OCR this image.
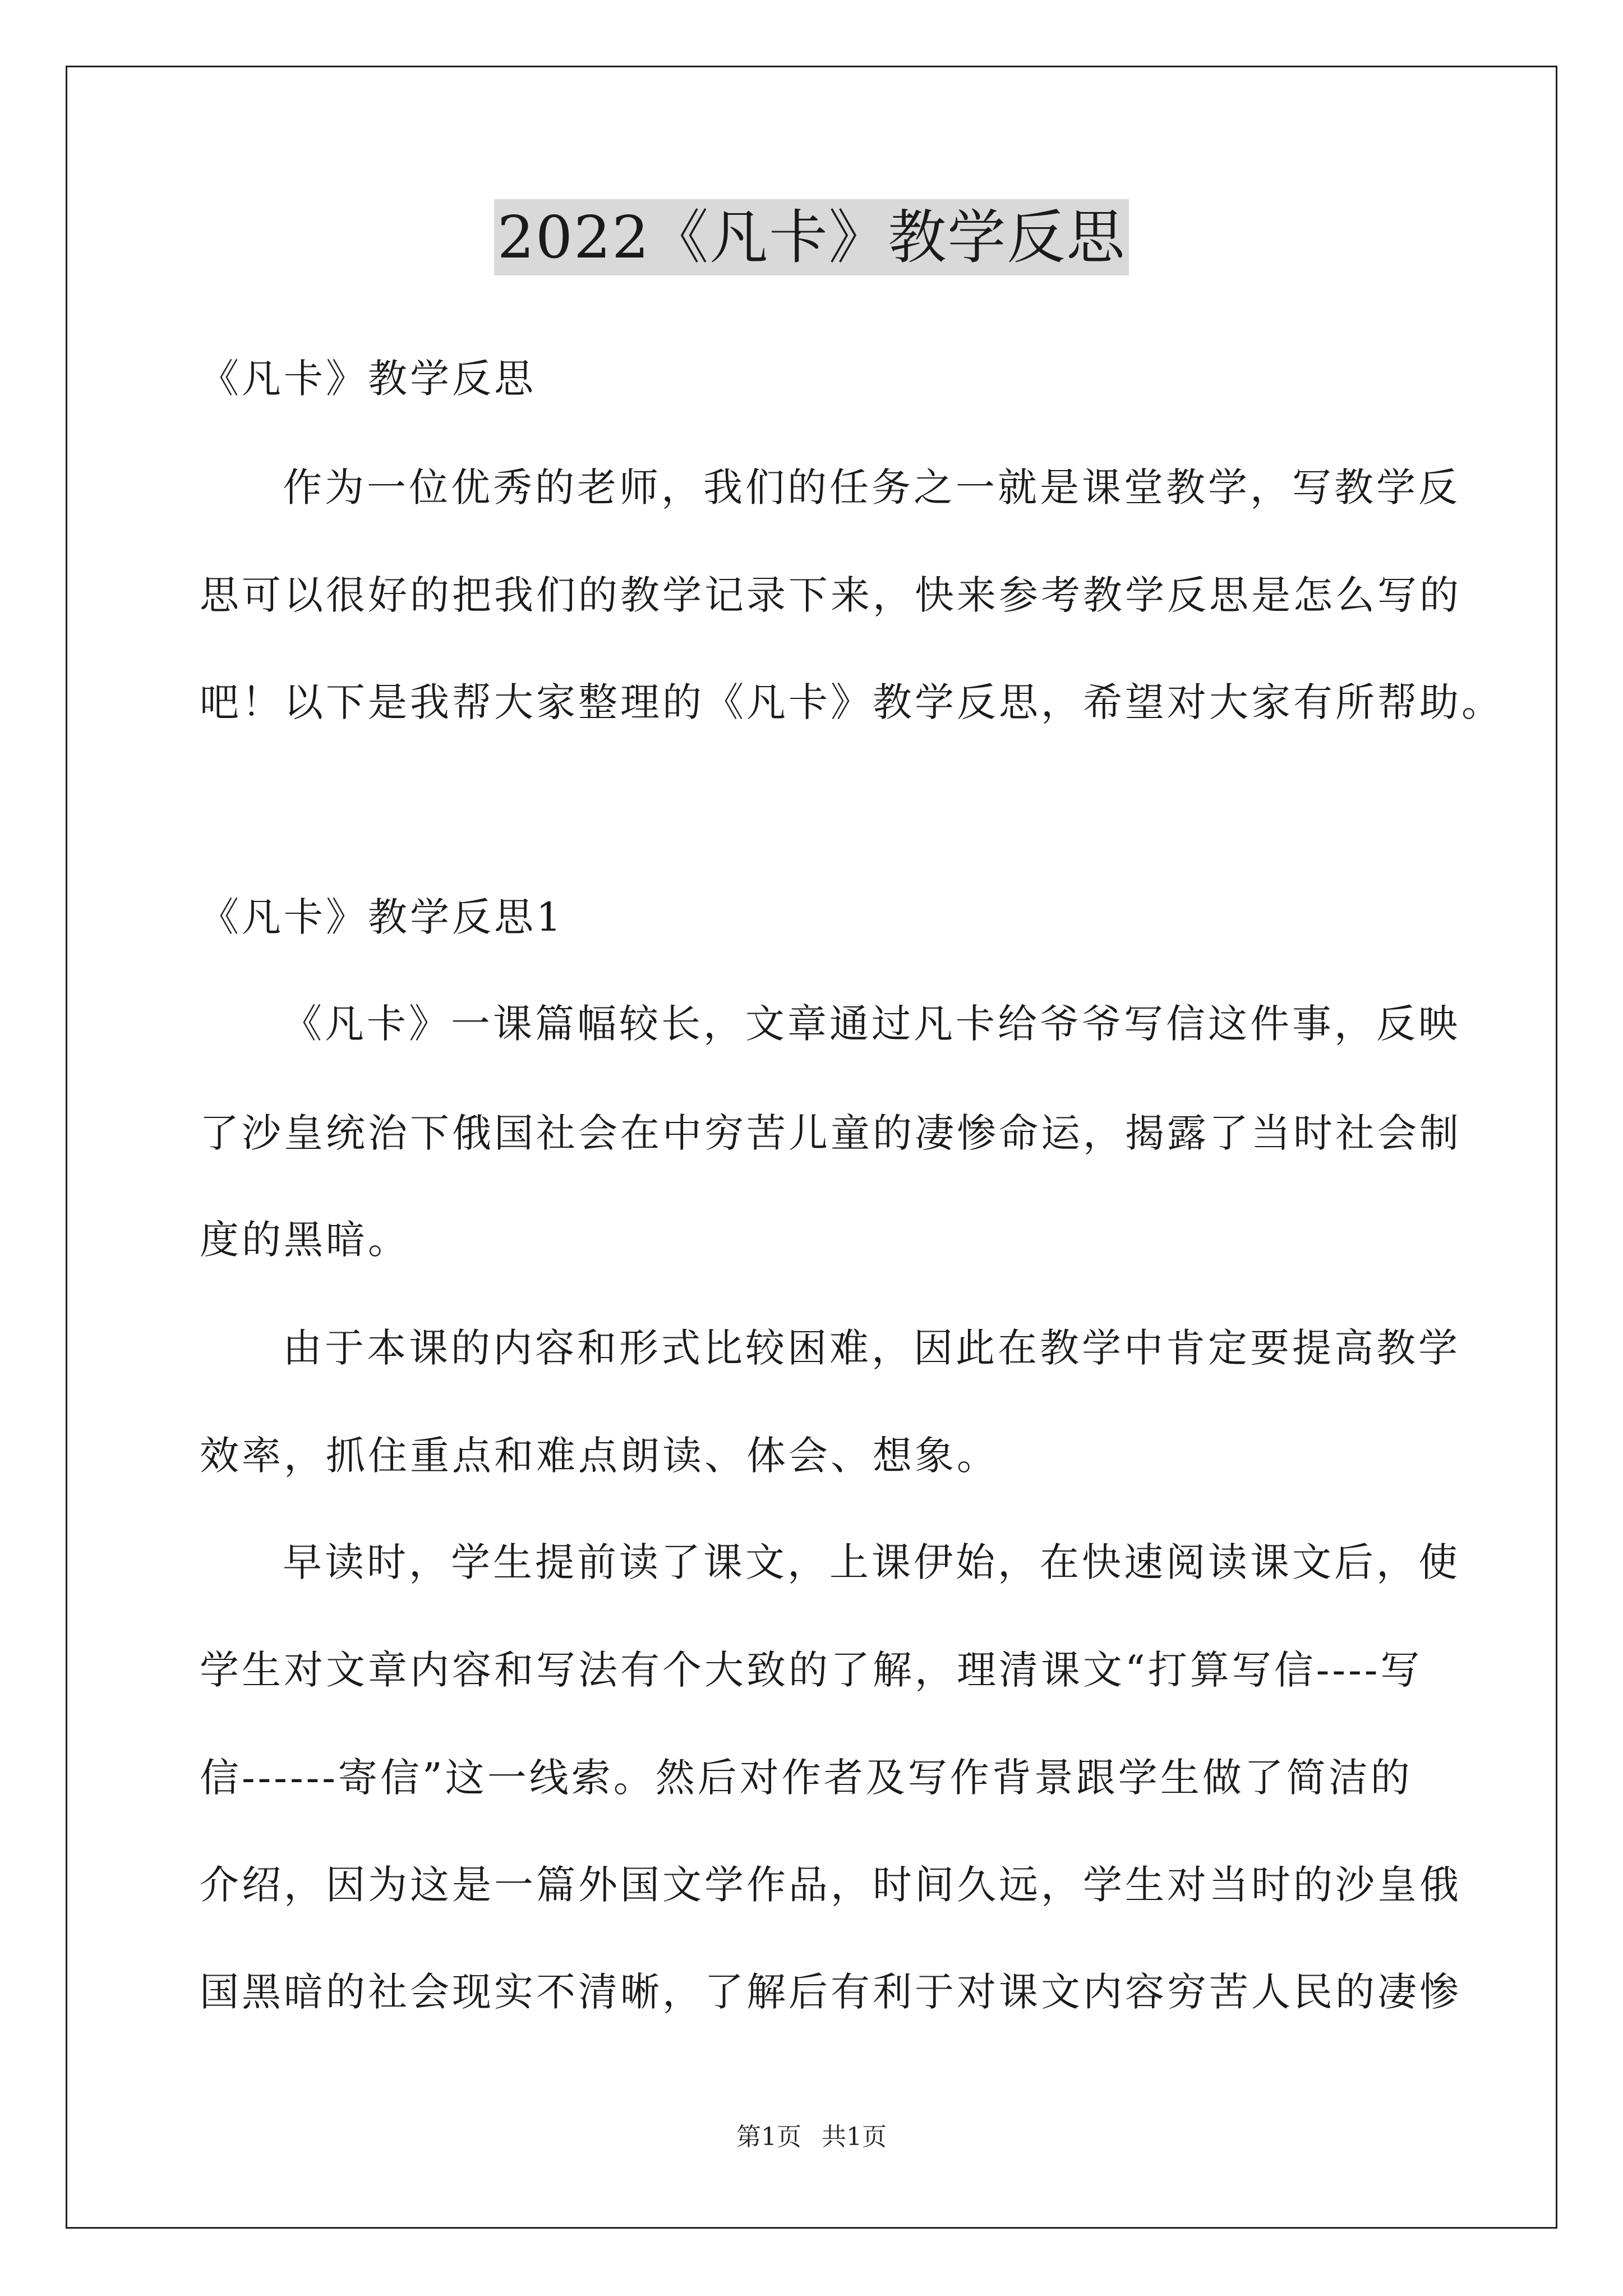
2022《凡卡》教学反思
《凡卡》教学反思
作为一位优秀的老师，我们的任务之一就是课堂教学，写教学反
思可以很好的把我们的教学记录下来，快来参考教学反思是怎么写的
吧！以下是我帮大家整理的《凡卡》教学反思，希望对大家有所帮助。
《凡卡》教学反思1
《凡卡》一课篇幅较长，文章通过凡卡给爷爷写信这件事，反映
了沙皇统治下俄国社会在中穷苦儿童的凄惨命运，揭露了当时社会制
度的黑暗。
由于本课的内容和形式比较困难，因此在教学中肯定要提高教学
效率，抓住重点和难点朗读、体会、想象。
早读时，学生提前读了课文，上课伊始，在快速阅读课文后，使
学生对文章内容和写法有个大致的了解，理清课文“打算写信----写
信------寄信”这一线索。然后对作者及写作背景跟学生做了简洁的
介绍，因为这是一篇外国文学作品，时间久远，学生对当时的沙皇俄
国黑暗的社会现实不清晰，了解后有利于对课文内容穷苦人民的凄惨
第1页 共1页
